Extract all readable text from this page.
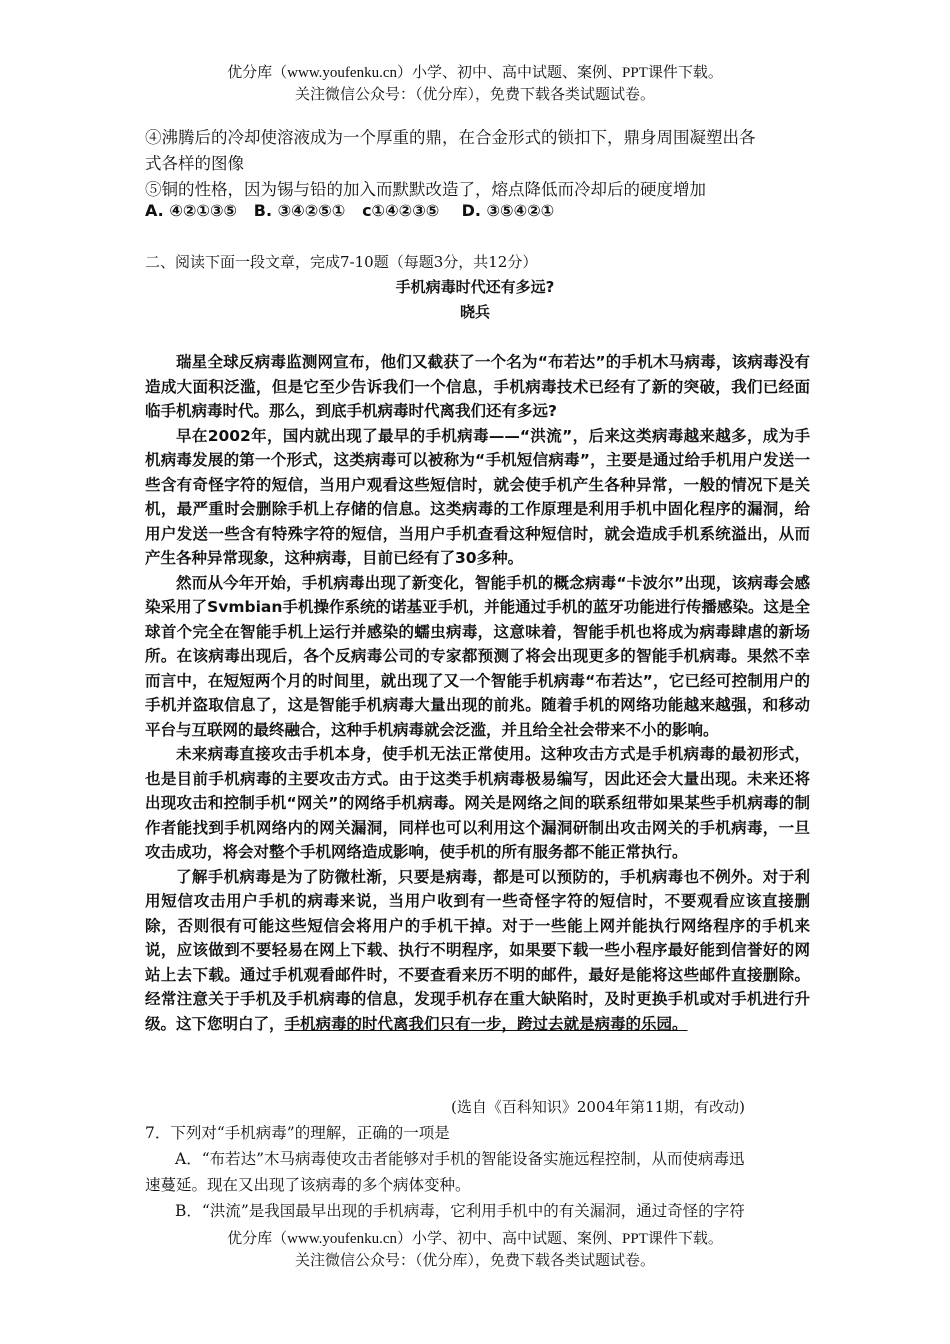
优分库（www.youfenku.cn）小学、初中、高中试题、案例、PPT课件下载。
关注微信公众号：（优分库），免费下载各类试题试卷。
④沸腾后的冷却使溶液成为一个厚重的鼎，在合金形式的锁扣下，鼎身周围凝塑出各
式各样的图像
⑤铜的性格，因为锡与铅的加入而默默改造了，熔点降低而冷却后的硬度增加
A. ④②①③⑤   B. ③④②⑤①   c①④②③⑤    D. ③⑤④②①
二、阅读下面一段文章，完成7-10题（每题3分，共12分）
手机病毒时代还有多远?
晓兵

瑞星全球反病毒监测网宣布，他们又截获了一个名为“布若达”的手机木马病毒，该病毒没有造成大面积泛滥，但是它至少告诉我们一个信息，手机病毒技术已经有了新的突破，我们已经面临手机病毒时代。那么，到底手机病毒时代离我们还有多远?

早在2002年，国内就出现了最早的手机病毒——“洪流”，后来这类病毒越来越多，成为手机病毒发展的第一个形式，这类病毒可以被称为“手机短信病毒”，主要是通过给手机用户发送一些含有奇怪字符的短信，当用户观看这些短信时，就会使手机产生各种异常，一般的情况下是关机，最严重时会删除手机上存储的信息。这类病毒的工作原理是利用手机中固化程序的漏洞，给用户发送一些含有特殊字符的短信，当用户手机查看这种短信时，就会造成手机系统溢出，从而产生各种异常现象，这种病毒，目前已经有了30多种。

然而从今年开始，手机病毒出现了新变化，智能手机的概念病毒“卡波尔”出现，该病毒会感染采用了Svmbian手机操作系统的诺基亚手机，并能通过手机的蓝牙功能进行传播感染。这是全球首个完全在智能手机上运行并感染的蠕虫病毒，这意味着，智能手机也将成为病毒肆虐的新场所。在该病毒出现后，各个反病毒公司的专家都预测了将会出现更多的智能手机病毒。果然不幸而言中，在短短两个月的时间里，就出现了又一个智能手机病毒“布若达”，它已经可控制用户的手机并盗取信息了，这是智能手机病毒大量出现的前兆。随着手机的网络功能越来越强，和移动平台与互联网的最终融合，这种手机病毒就会泛滥，并且给全社会带来不小的影响。

未来病毒直接攻击手机本身，使手机无法正常使用。这种攻击方式是手机病毒的最初形式，也是目前手机病毒的主要攻击方式。由于这类手机病毒极易编写，因此还会大量出现。未来还将出现攻击和控制手机“网关”的网络手机病毒。网关是网络之间的联系纽带如果某些手机病毒的制作者能找到手机网络内的网关漏洞，同样也可以利用这个漏洞研制出攻击网关的手机病毒，一旦攻击成功，将会对整个手机网络造成影响，使手机的所有服务都不能正常执行。

了解手机病毒是为了防微杜渐，只要是病毒，都是可以预防的，手机病毒也不例外。对于利用短信攻击用户手机的病毒来说，当用户收到有一些奇怪字符的短信时，不要观看应该直接删除，否则很有可能这些短信会将用户的手机干掉。对于一些能上网并能执行网络程序的手机来说，应该做到不要轻易在网上下载、执行不明程序，如果要下载一些小程序最好能到信誉好的网站上去下载。通过手机观看邮件时，不要查看来历不明的邮件，最好是能将这些邮件直接删除。经常注意关于手机及手机病毒的信息，发现手机存在重大缺陷时，及时更换手机或对手机进行升级。这下您明白了，手机病毒的时代离我们只有一步，跨过去就是病毒的乐园。

(选自《百科知识》2004年第11期，有改动)
7．下列对“手机病毒”的理解，正确的一项是
A．“布若达”木马病毒使攻击者能够对手机的智能设备实施远程控制，从而使病毒迅
速蔓延。现在又出现了该病毒的多个病体变种。
B．“洪流”是我国最早出现的手机病毒，它利用手机中的有关漏洞，通过奇怪的字符
优分库（www.youfenku.cn）小学、初中、高中试题、案例、PPT课件下载。
关注微信公众号：（优分库），免费下载各类试题试卷。
